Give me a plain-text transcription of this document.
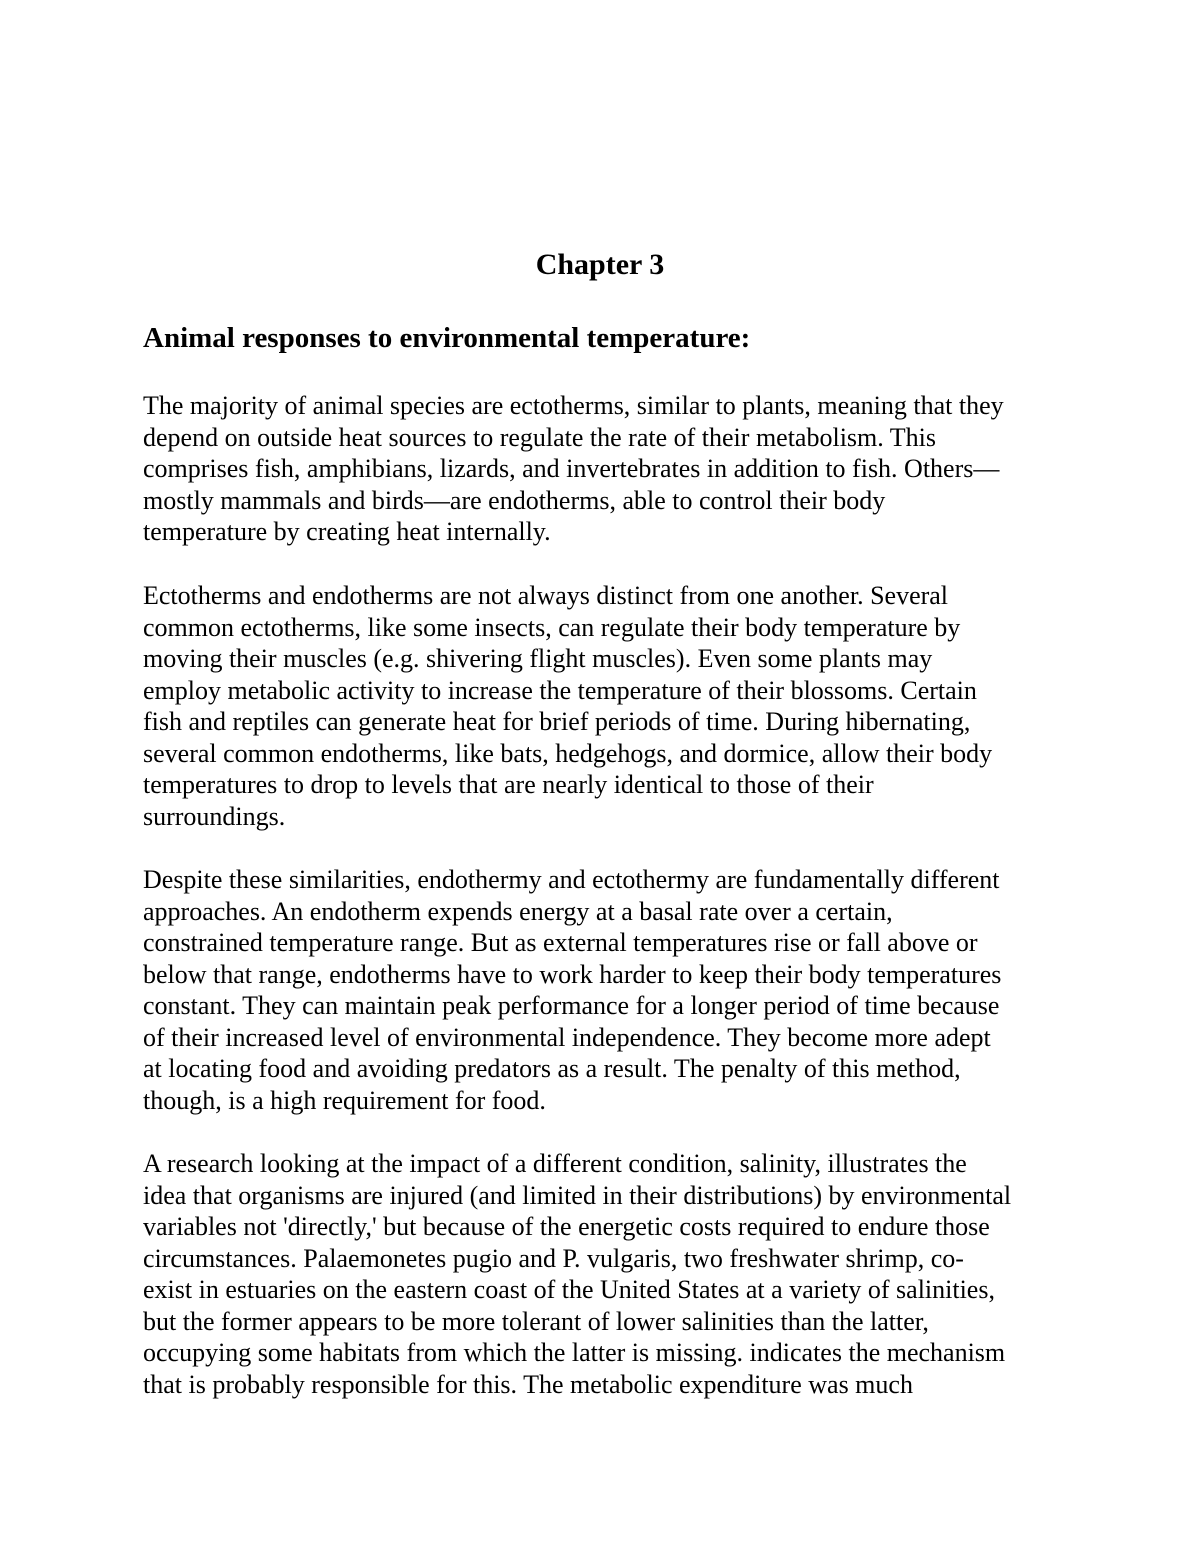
Chapter 3
Animal responses to environmental temperature:

The majority of animal species are ectotherms, similar to plants, meaning that they
depend on outside heat sources to regulate the rate of their metabolism. This
comprises fish, amphibians, lizards, and invertebrates in addition to fish. Others—
mostly mammals and birds—are endotherms, able to control their body
temperature by creating heat internally.

Ectotherms and endotherms are not always distinct from one another. Several
common ectotherms, like some insects, can regulate their body temperature by
moving their muscles (e.g. shivering flight muscles). Even some plants may
employ metabolic activity to increase the temperature of their blossoms. Certain
fish and reptiles can generate heat for brief periods of time. During hibernating,
several common endotherms, like bats, hedgehogs, and dormice, allow their body
temperatures to drop to levels that are nearly identical to those of their
surroundings.

Despite these similarities, endothermy and ectothermy are fundamentally different
approaches. An endotherm expends energy at a basal rate over a certain,
constrained temperature range. But as external temperatures rise or fall above or
below that range, endotherms have to work harder to keep their body temperatures
constant. They can maintain peak performance for a longer period of time because
of their increased level of environmental independence. They become more adept
at locating food and avoiding predators as a result. The penalty of this method,
though, is a high requirement for food.

A research looking at the impact of a different condition, salinity, illustrates the
idea that organisms are injured (and limited in their distributions) by environmental
variables not 'directly,' but because of the energetic costs required to endure those
circumstances. Palaemonetes pugio and P. vulgaris, two freshwater shrimp, co-
exist in estuaries on the eastern coast of the United States at a variety of salinities,
but the former appears to be more tolerant of lower salinities than the latter,
occupying some habitats from which the latter is missing. indicates the mechanism
that is probably responsible for this. The metabolic expenditure was much
